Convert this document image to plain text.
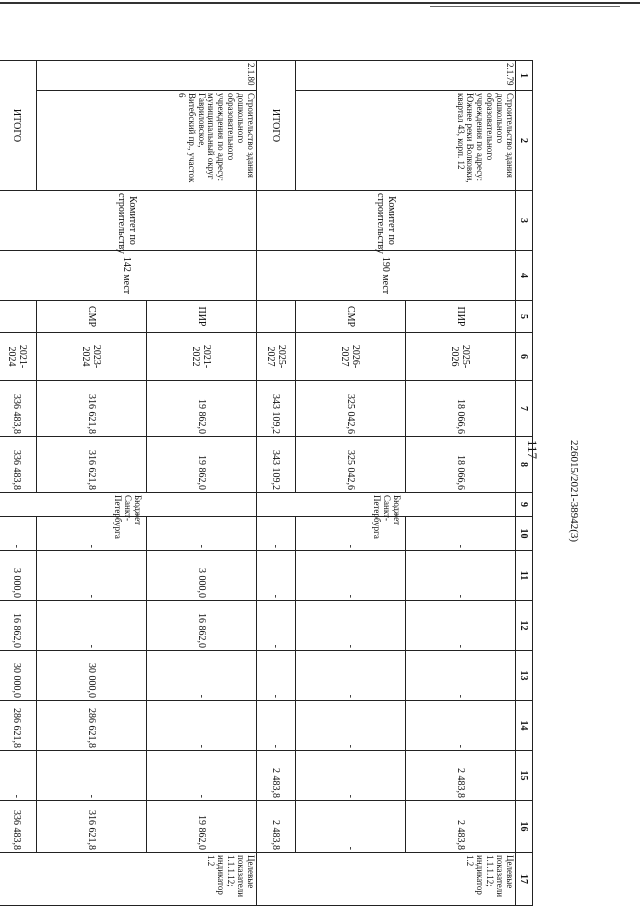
117	226015/2021-38942(3)
1	2	3	4	5	6	7	8	9	10	11	12	13	14	15	16	17
2.1.79	Строительство здания дошкольного образовательного учреждения по адресу: Южнее реки Волковки, квартал 43, корп. 12	Комитет по строительству	190 мест	ПИР	2025-2026	18 066,6	18 066,6	Бюджет Санкт-Петербурга	-	-	-	-	-	2 483,8	2 483,8	Целевые показатели 1.1.1.12; индикатор 1.2
				СМР	2026-2027	325 042,6	325 042,6		-	-	-	-	-	-	-	
ИТОГО					2025-2027	343 109,2	343 109,2		-	-	-	-	-	2 483,8	2 483,8	
2.1.80	Строительство здания дошкольного образовательного учреждения по адресу: муниципальный округ Гавриловское, Витебский пр., участок 6	Комитет по строительству	142 мест	ПИР	2021-2022	19 862,0	19 862,0	Бюджет Санкт-Петербурга	-	3 000,0	16 862,0	-	-	-	19 862,0	Целевые показатели 1.1.1.12; индикатор 1.2
				СМР	2023-2024	316 621,8	316 621,8		-	-	-	30 000,0	286 621,8	-	316 621,8	
ИТОГО					2021-2024	336 483,8	336 483,8		-	3 000,0	16 862,0	30 000,0	286 621,8	-	336 483,8	
